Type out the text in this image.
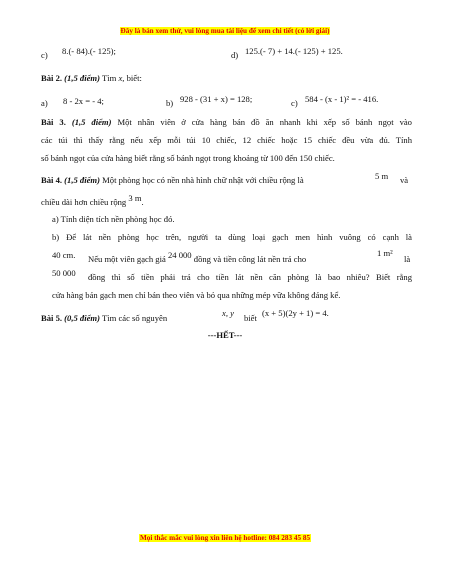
Đây là bản xem thử, vui lòng mua tài liệu để xem chi tiết (có lời giải)
c) 8.(- 84).(- 125);	d) 125.(- 7) + 14.(- 125) + 125.
Bài 2. (1,5 điểm) Tìm x, biết:
a) 8 - 2x = - 4;	b) 928 - (31 + x) = 128;	c) 584 - (x - 1)² = - 416.
Bài 3. (1,5 điểm) Một nhân viên ở cửa hàng bán đồ ăn nhanh khi xếp số bánh ngọt vào
các túi thì thấy rằng nếu xếp mỗi túi 10 chiếc, 12 chiếc hoặc 15 chiếc đều vừa đủ. Tính
số bánh ngọt của cửa hàng biết rằng số bánh ngọt trong khoảng từ 100 đến 150 chiếc.
Bài 4. (1,5 điểm) Một phòng học có nền nhà hình chữ nhật với chiều rộng là	5 m và
chiều dài hơn chiều rộng 3 m.
a) Tính diện tích nền phòng học đó.
b) Để lát nền phòng học trên, người ta dùng loại gạch men hình vuông có cạnh là
40 cm. Nếu một viên gạch giá 24 000 đồng và tiền công lát nền trả cho
1 m²
là
50 000 đồng thì số tiền phải trả cho tiền lát nền căn phòng là bao nhiêu? Biết rằng
cửa hàng bán gạch men chỉ bán theo viên và bỏ qua những mép vữa không đáng kể.
Bài 5. (0,5 điểm) Tìm các số nguyên	x, y biết (x + 5)(2y + 1) = 4.
---HẾT---
Mọi thắc mắc vui lòng xin liên hệ hotline: 084 283 45 85
